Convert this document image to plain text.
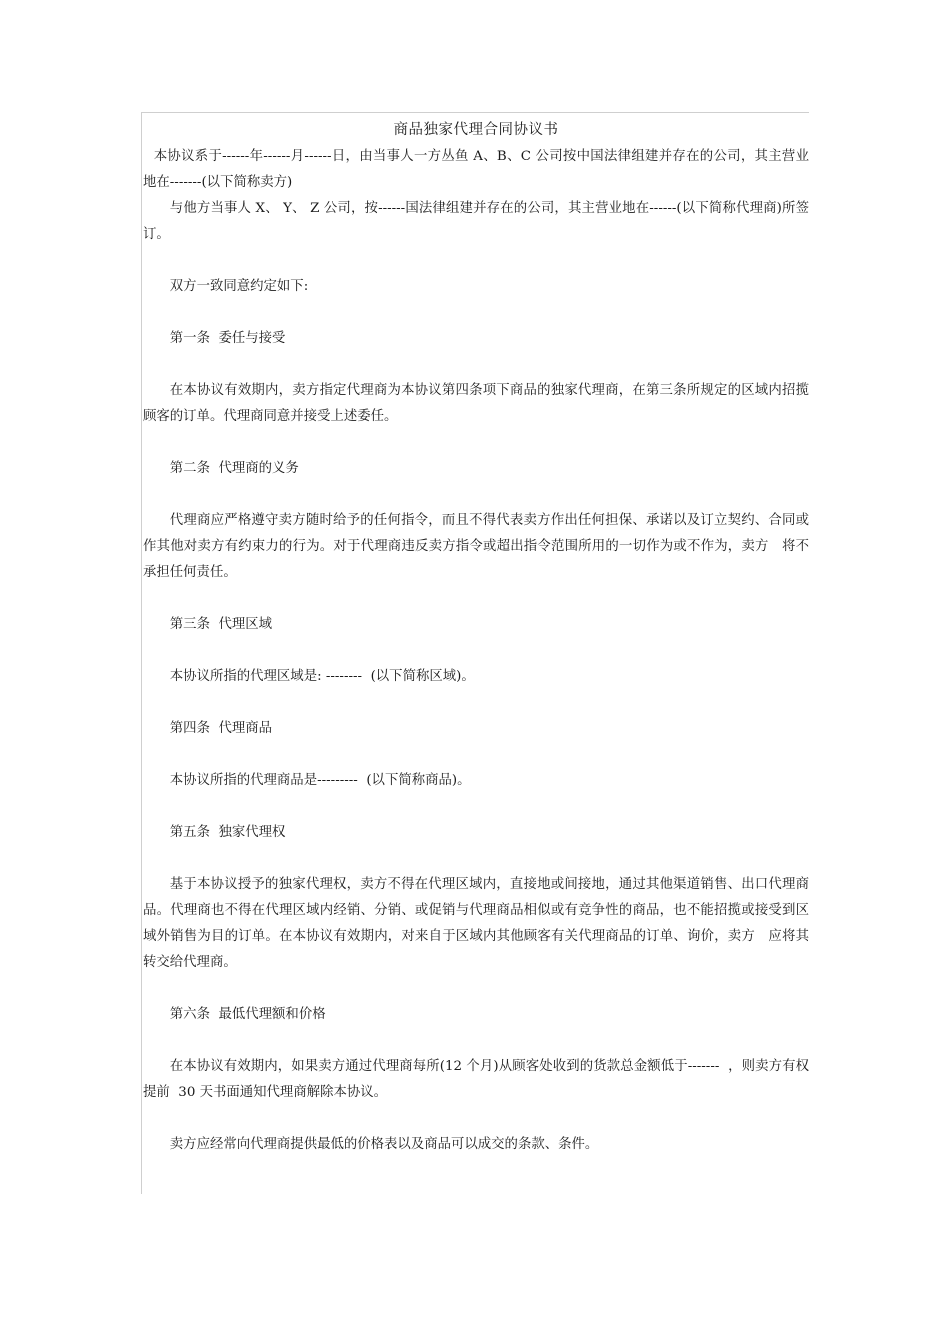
商品独家代理合同协议书

本协议系于------年------月------日，由当事人一方丛鱼 A、B、C 公司按中国法律组建并存在的公司，其主营业地在-------(以下简称卖方)

与他方当事人 X、 Y、 Z 公司，按------国法律组建并存在的公司，其主营业地在------(以下简称代理商)所签订。

双方一致同意约定如下:

第一条  委任与接受

在本协议有效期内，卖方指定代理商为本协议第四条项下商品的独家代理商，在第三条所规定的区域内招揽顾客的订单。代理商同意并接受上述委任。

第二条  代理商的义务

代理商应严格遵守卖方随时给予的任何指令，而且不得代表卖方作出任何担保、承诺以及订立契约、合同或作其他对卖方有约束力的行为。对于代理商违反卖方指令或超出指令范围所用的一切作为或不作为，卖方   将不承担任何责任。

第三条  代理区域

本协议所指的代理区域是: --------  (以下简称区域)。

第四条  代理商品

本协议所指的代理商品是---------  (以下简称商品)。

第五条  独家代理权

基于本协议授予的独家代理权，卖方不得在代理区域内，直接地或间接地，通过其他渠道销售、出口代理商品。代理商也不得在代理区域内经销、分销、或促销与代理商品相似或有竞争性的商品，也不能招揽或接受到区域外销售为目的订单。在本协议有效期内，对来自于区域内其他顾客有关代理商品的订单、询价，卖方   应将其转交给代理商。

第六条  最低代理额和价格

在本协议有效期内，如果卖方通过代理商每所(12 个月)从顾客处收到的货款总金额低于-------  ，则卖方有权提前  30 天书面通知代理商解除本协议。

卖方应经常向代理商提供最低的价格表以及商品可以成交的条款、条件。
